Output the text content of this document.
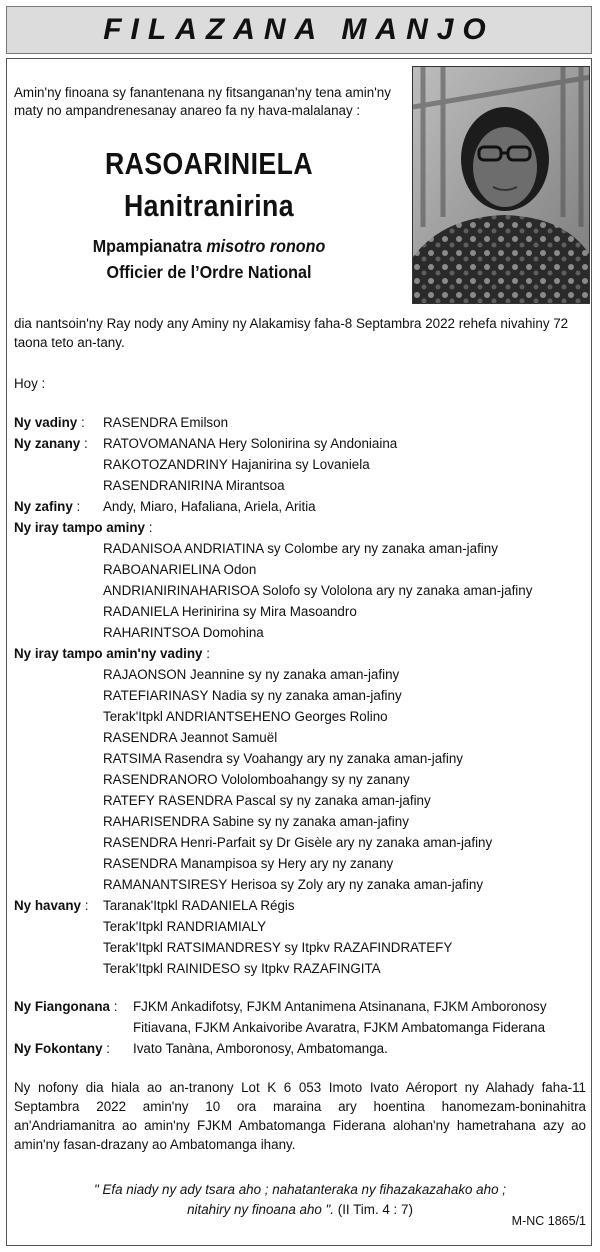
FILAZANA MANJO
Amin'ny finoana sy fanantenana ny fitsanganan'ny tena amin'ny maty no ampandrenesanay anareo fa ny hava-malalanay :
RASOARINIELA
Hanitranirina
Mpampianatra misotro ronono
Officier de l’Ordre National
dia nantsoin'ny Ray nody any Aminy ny Alakamisy faha-8 Septambra 2022 rehefa nivahiny 72 taona teto an-tany.
Hoy :
Ny vadiny : RASENDRA Emilson
Ny zanany : RATOVOMANANA Hery Solonirina sy Andoniaina
RAKOTOZANDRINY Hajanirina sy Lovaniela
RASENDRANIRINA Mirantsoa
Ny zafiny : Andy, Miaro, Hafaliana, Ariela, Aritia
Ny iray tampo aminy :
RADANISOA ANDRIATINA sy Colombe ary ny zanaka aman-jafiny
RABOANARIELINA Odon
ANDRIANIRINAHARISOA Solofo sy Vololona ary ny zanaka aman-jafiny
RADANIELA Herinirina sy Mira Masoandro
RAHARINTSOA Domohina
Ny iray tampo amin'ny vadiny :
RAJAONSON Jeannine sy ny zanaka aman-jafiny
RATEFIARINASY Nadia sy ny zanaka aman-jafiny
Terak'Itpkl ANDRIANTSEHENO Georges Rolino
RASENDRA Jeannot Samuël
RATSIMA Rasendra sy Voahangy ary ny zanaka aman-jafiny
RASENDRANORO Vololomboahangy sy ny zanany
RATEFY RASENDRA Pascal sy ny zanaka aman-jafiny
RAHARISENDRA Sabine sy ny zanaka aman-jafiny
RASENDRA Henri-Parfait sy Dr Gisèle ary ny zanaka aman-jafiny
RASENDRA Manampisoa sy Hery ary ny zanany
RAMANANTSIRESY Herisoa sy Zoly ary ny zanaka aman-jafiny
Ny havany : Taranak'Itpkl RADANIELA Régis
Terak'Itpkl RANDRIAMIALY
Terak'Itpkl RATSIMANDRESY sy Itpkv RAZAFINDRATEFY
Terak'Itpkl RAINIDESO sy Itpkv RAZAFINGITA
Ny Fiangonana : FJKM Ankadifotsy, FJKM Antanimena Atsinanana, FJKM Amboronosy
Fitiavana, FJKM Ankaivoribe Avaratra, FJKM Ambatomanga Fiderana
Ny Fokontany : Ivato Tanàna, Amboronosy, Ambatomanga.
Ny nofony dia hiala ao an-tranony Lot K 6 053 Imoto Ivato Aéroport ny Alahady faha-11 Septambra 2022 amin'ny 10 ora maraina ary hoentina hanomezam-boninahitra an'Andriamanitra ao amin'ny FJKM Ambatomanga Fiderana alohan'ny hametrahana azy ao amin'ny fasan-drazany ao Ambatomanga ihany.
" Efa niady ny ady tsara aho ; nahatanteraka ny fihazakazahako aho ;
nitahiry ny finoana aho ". (II Tim. 4 : 7)
M-NC 1865/1
